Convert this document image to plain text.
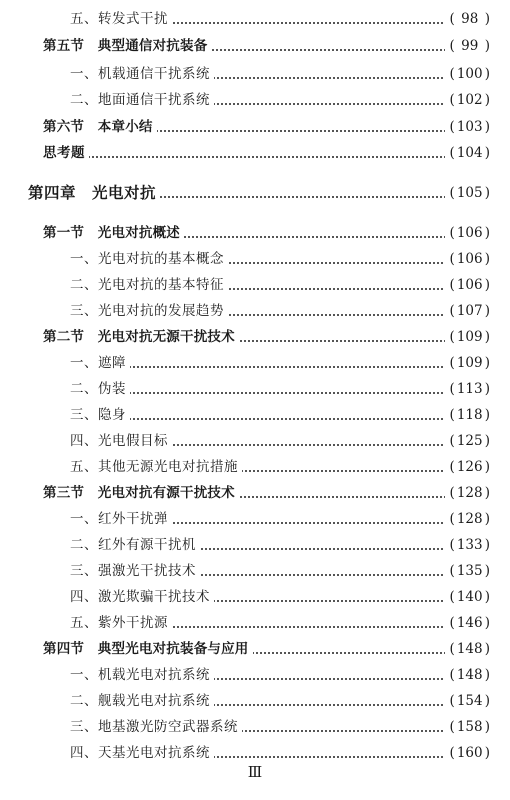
五、转发式干扰	( 98 )
第五节　典型通信对抗装备	( 99 )
一、机载通信干扰系统	( 100 )
二、地面通信干扰系统	( 102 )
第六节　本章小结	( 103 )
思考题	( 104 )
第四章　光电对抗	( 105 )
第一节　光电对抗概述	( 106 )
一、光电对抗的基本概念	( 106 )
二、光电对抗的基本特征	( 106 )
三、光电对抗的发展趋势	( 107 )
第二节　光电对抗无源干扰技术	( 109 )
一、遮障	( 109 )
二、伪装	( 113 )
三、隐身	( 118 )
四、光电假目标	( 125 )
五、其他无源光电对抗措施	( 126 )
第三节　光电对抗有源干扰技术	( 128 )
一、红外干扰弹	( 128 )
二、红外有源干扰机	( 133 )
三、强激光干扰技术	( 135 )
四、激光欺骗干扰技术	( 140 )
五、紫外干扰源	( 146 )
第四节　典型光电对抗装备与应用	( 148 )
一、机载光电对抗系统	( 148 )
二、舰载光电对抗系统	( 154 )
三、地基激光防空武器系统	( 158 )
四、天基光电对抗系统	( 160 )
Ⅲ
